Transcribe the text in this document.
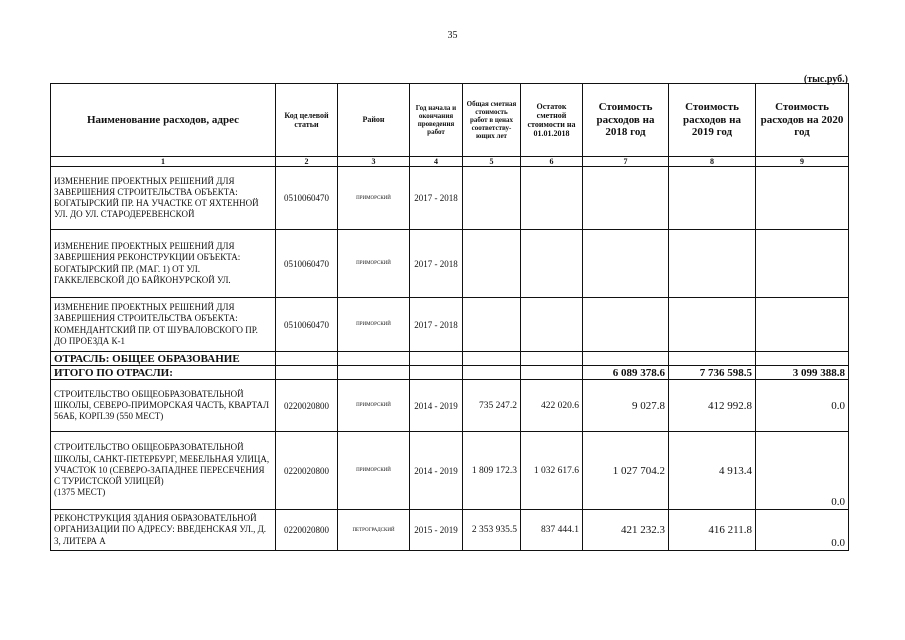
35
(тыс.руб.)
Наименование расходов, адрес	Код целевой статьи	Район	Год начала и окончания проведения работ	Общая сметная стоимость работ в ценах соответству-ющих лет	Остаток сметной стоимости на 01.01.2018	Стоимость расходов на 2018 год	Стоимость расходов на 2019 год	Стоимость расходов на 2020 год
1	2	3	4	5	6	7	8	9
ИЗМЕНЕНИЕ ПРОЕКТНЫХ РЕШЕНИЙ ДЛЯ ЗАВЕРШЕНИЯ СТРОИТЕЛЬСТВА ОБЪЕКТА: БОГАТЫРСКИЙ ПР. НА УЧАСТКЕ ОТ ЯХТЕННОЙ УЛ. ДО УЛ. СТАРОДЕРЕВЕНСКОЙ	0510060470	ПРИМОРСКИЙ	2017 - 2018					
ИЗМЕНЕНИЕ ПРОЕКТНЫХ РЕШЕНИЙ ДЛЯ ЗАВЕРШЕНИЯ РЕКОНСТРУКЦИИ ОБЪЕКТА: БОГАТЫРСКИЙ ПР. (МАГ. 1) ОТ УЛ. ГАККЕЛЕВСКОЙ ДО БАЙКОНУРСКОЙ УЛ.	0510060470	ПРИМОРСКИЙ	2017 - 2018					
ИЗМЕНЕНИЕ ПРОЕКТНЫХ РЕШЕНИЙ ДЛЯ ЗАВЕРШЕНИЯ СТРОИТЕЛЬСТВА ОБЪЕКТА: КОМЕНДАНТСКИЙ ПР. ОТ ШУВАЛОВСКОГО ПР. ДО ПРОЕЗДА К-1	0510060470	ПРИМОРСКИЙ	2017 - 2018					
ОТРАСЛЬ: ОБЩЕЕ ОБРАЗОВАНИЕ								
ИТОГО ПО ОТРАСЛИ:						6 089 378.6	7 736 598.5	3 099 388.8
СТРОИТЕЛЬСТВО ОБЩЕОБРАЗОВАТЕЛЬНОЙ ШКОЛЫ, СЕВЕРО-ПРИМОРСКАЯ ЧАСТЬ, КВАРТАЛ 56АБ, КОРП.39 (550 МЕСТ)	0220020800	ПРИМОРСКИЙ	2014 - 2019	735 247.2	422 020.6	9 027.8	412 992.8	0.0
СТРОИТЕЛЬСТВО ОБЩЕОБРАЗОВАТЕЛЬНОЙ ШКОЛЫ, САНКТ-ПЕТЕРБУРГ, МЕБЕЛЬНАЯ УЛИЦА, УЧАСТОК 10 (СЕВЕРО-ЗАПАДНЕЕ ПЕРЕСЕЧЕНИЯ С ТУРИСТСКОЙ УЛИЦЕЙ)
(1375 МЕСТ)	0220020800	ПРИМОРСКИЙ	2014 - 2019	1 809 172.3	1 032 617.6	1 027 704.2	4 913.4	0.0
РЕКОНСТРУКЦИЯ ЗДАНИЯ ОБРАЗОВАТЕЛЬНОЙ ОРГАНИЗАЦИИ ПО АДРЕСУ: ВВЕДЕНСКАЯ УЛ., Д. 3, ЛИТЕРА А	0220020800	ПЕТРОГРАДСКИЙ	2015 - 2019	2 353 935.5	837 444.1	421 232.3	416 211.8	0.0
